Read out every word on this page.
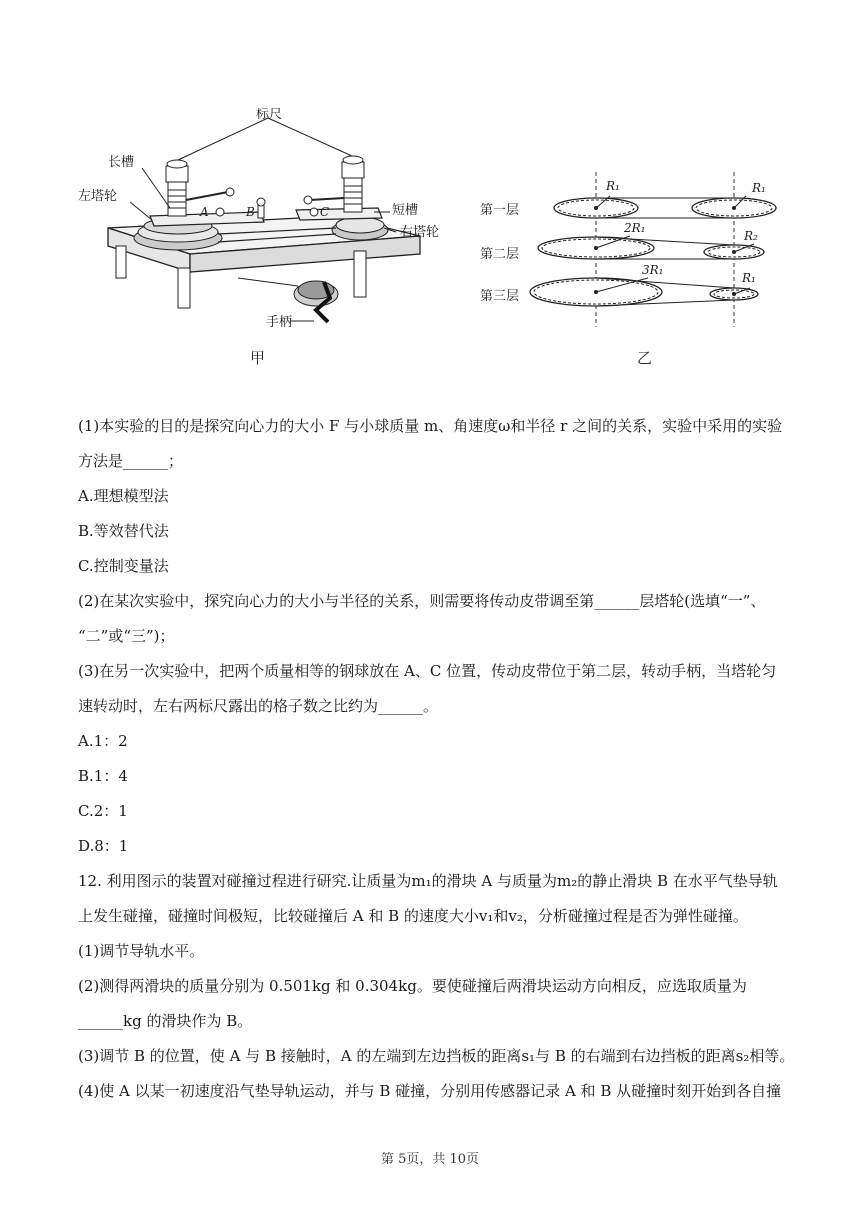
标尺
长槽
左塔轮
短槽
右塔轮
手柄
A	B	C
甲
第一层
第二层
第三层
R₁	R₁
2R₁
R₂
3R₁
R₁
乙
(1)本实验的目的是探究向心力的大小 F 与小球质量 m、角速度ω和半径 r 之间的关系，实验中采用的实验
方法是______；
A.理想模型法
B.等效替代法
C.控制变量法
(2)在某次实验中，探究向心力的大小与半径的关系，则需要将传动皮带调至第______层塔轮(选填“一”、
“二”或“三”)；
(3)在另一次实验中，把两个质量相等的钢球放在 A、C 位置，传动皮带位于第二层，转动手柄，当塔轮匀
速转动时，左右两标尺露出的格子数之比约为______。
A.1：2
B.1：4
C.2：1
D.8：1
12. 利用图示的装置对碰撞过程进行研究.让质量为m₁的滑块 A 与质量为m₂的静止滑块 B 在水平气垫导轨
上发生碰撞，碰撞时间极短，比较碰撞后 A 和 B 的速度大小v₁和v₂，分析碰撞过程是否为弹性碰撞。
(1)调节导轨水平。
(2)测得两滑块的质量分别为 0.501kg 和 0.304kg。要使碰撞后两滑块运动方向相反，应选取质量为
______kg 的滑块作为 B。
(3)调节 B 的位置，使 A 与 B 接触时，A 的左端到左边挡板的距离s₁与 B 的右端到右边挡板的距离s₂相等。
(4)使 A 以某一初速度沿气垫导轨运动，并与 B 碰撞，分别用传感器记录 A 和 B 从碰撞时刻开始到各自撞
第 5页，共 10页
